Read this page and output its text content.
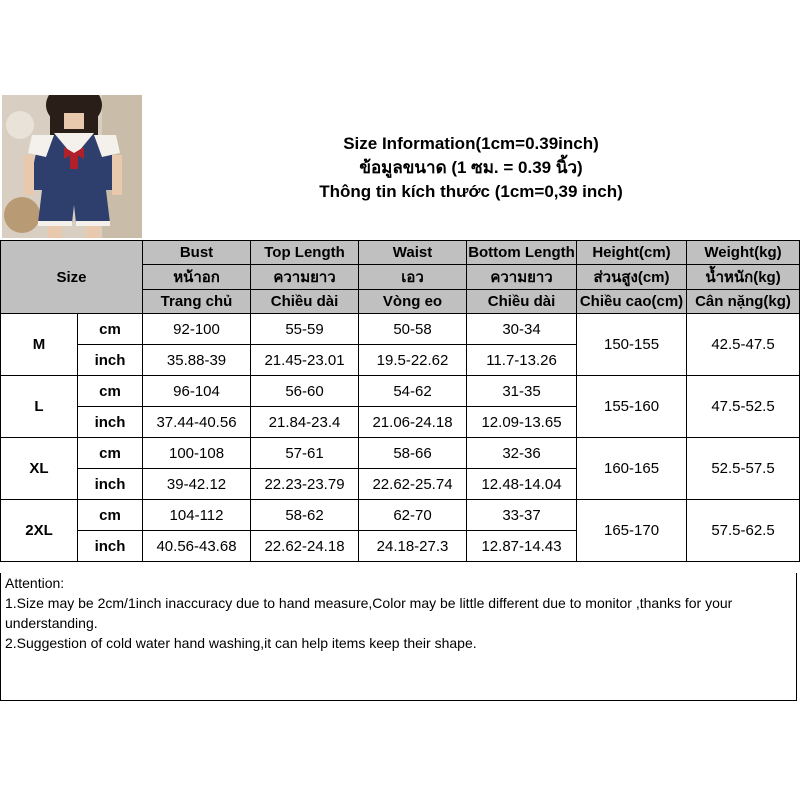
Size Information(1cm=0.39inch)
ข้อมูลขนาด (1 ซม. = 0.39 นิ้ว)
Thông tin kích thước (1cm=0,39 inch)
Size		Bust	Top Length	Waist	Bottom Length	Height(cm)	Weight(kg)
		หน้าอก	ความยาว	เอว	ความยาว	ส่วนสูง(cm)	น้ำหนัก(kg)
		Trang chủ	Chiều dài	Vòng eo	Chiều dài	Chiều cao(cm)	Cân nặng(kg)
M	cm	92-100	55-59	50-58	30-34	150-155	42.5-47.5
	inch	35.88-39	21.45-23.01	19.5-22.62	11.7-13.26		
L	cm	96-104	56-60	54-62	31-35	155-160	47.5-52.5
	inch	37.44-40.56	21.84-23.4	21.06-24.18	12.09-13.65		
XL	cm	100-108	57-61	58-66	32-36	160-165	52.5-57.5
	inch	39-42.12	22.23-23.79	22.62-25.74	12.48-14.04		
2XL	cm	104-112	58-62	62-70	33-37	165-170	57.5-62.5
	inch	40.56-43.68	22.62-24.18	24.18-27.3	12.87-14.43		

Attention:

1.Size may be 2cm/1inch inaccuracy due to hand measure,Color may be little different due to monitor ,thanks for your understanding.

2.Suggestion of cold water hand washing,it can help items keep their shape.
